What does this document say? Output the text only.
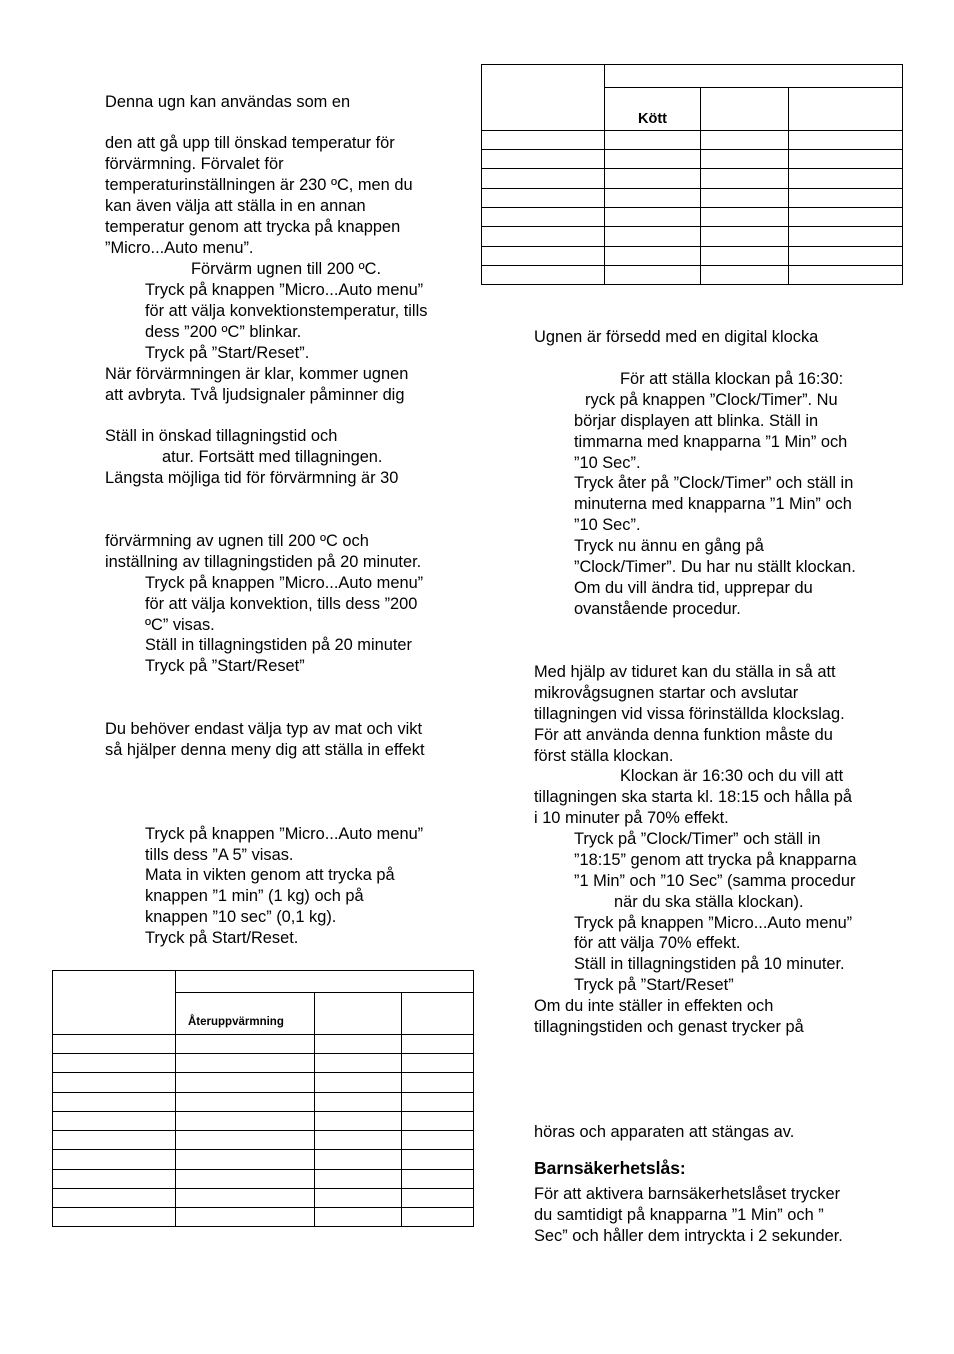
Denna ugn kan användas som en
den att gå upp till önskad temperatur för
förvärmning. Förvalet för
temperaturinställningen är 230 ºC, men du
kan även välja att ställa in en annan
temperatur genom att trycka på knappen
”Micro...Auto menu”.
Förvärm ugnen till 200 ºC.
Tryck på knappen ”Micro...Auto menu”
för att välja konvektionstemperatur, tills
dess ”200 ºC” blinkar.
Tryck på ”Start/Reset”.
När förvärmningen är klar, kommer ugnen
att avbryta. Två ljudsignaler påminner dig
Ställ in önskad tillagningstid och
atur. Fortsätt med tillagningen.
Längsta möjliga tid för förvärmning är 30
förvärmning av ugnen till 200 ºC och
inställning av tillagningstiden på 20 minuter.
Tryck på knappen ”Micro...Auto menu”
för att välja konvektion, tills dess ”200
ºC” visas.
Ställ in tillagningstiden på 20 minuter
Tryck på ”Start/Reset”
Du behöver endast välja typ av mat och vikt
så hjälper denna meny dig att ställa in effekt
Tryck på knappen ”Micro...Auto menu”
tills dess ”A 5” visas.
Mata in vikten genom att trycka på
knappen ”1 min” (1 kg) och på
knappen ”10 sec” (0,1 kg).
Tryck på Start/Reset.

	Återuppvärmning		

	Kött		

Ugnen är försedd med en digital klocka
För att ställa klockan på 16:30:
ryck på knappen ”Clock/Timer”. Nu
börjar displayen att blinka. Ställ in
timmarna med knapparna ”1 Min” och
”10 Sec”.
Tryck åter på ”Clock/Timer” och ställ in
minuterna med knapparna ”1 Min” och
”10 Sec”.
Tryck nu ännu en gång på
”Clock/Timer”. Du har nu ställt klockan.
Om du vill ändra tid, upprepar du
ovanstående procedur.
Med hjälp av tiduret kan du ställa in så att
mikrovågsugnen startar och avslutar
tillagningen vid vissa förinställda klockslag.
För att använda denna funktion måste du
först ställa klockan.
Klockan är 16:30 och du vill att
tillagningen ska starta kl. 18:15 och hålla på
i 10 minuter på 70% effekt.
Tryck på ”Clock/Timer” och ställ in
”18:15” genom att trycka på knapparna
”1 Min” och ”10 Sec” (samma procedur
när du ska ställa klockan).
Tryck på knappen ”Micro...Auto menu”
för att välja 70% effekt.
Ställ in tillagningstiden på 10 minuter.
Tryck på ”Start/Reset”
Om du inte ställer in effekten och
tillagningstiden och genast trycker på
höras och apparaten att stängas av.
Barnsäkerhetslås:
För att aktivera barnsäkerhetslåset trycker
du samtidigt på knapparna ”1 Min” och ”
Sec” och håller dem intryckta i 2 sekunder.
